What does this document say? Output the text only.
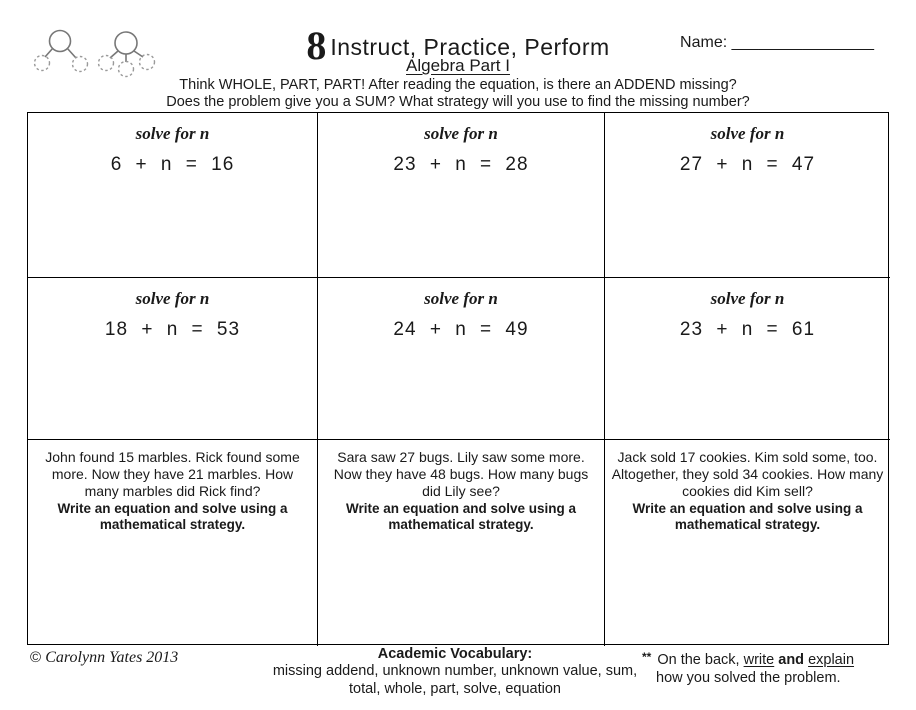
8 Instruct, Practice, Perform	Name: ________________
Algebra Part I
Think WHOLE, PART, PART! After reading the equation, is there an ADDEND missing?
Does the problem give you a SUM? What strategy will you use to find the missing number?
solve for n
6 + n = 16
solve for n
23 + n = 28
solve for n
27 + n = 47
solve for n
18 + n = 53
solve for n
24 + n = 49
solve for n
23 + n = 61
John found 15 marbles. Rick found some more. Now they have 21 marbles. How many marbles did Rick find?
Write an equation and solve using a mathematical strategy.
Sara saw 27 bugs. Lily saw some more. Now they have 48 bugs. How many bugs did Lily see?
Write an equation and solve using a mathematical strategy.
Jack sold 17 cookies. Kim sold some, too. Altogether, they sold 34 cookies. How many cookies did Kim sell?
Write an equation and solve using a mathematical strategy.
© Carolynn Yates 2013	Academic Vocabulary:
missing addend, unknown number, unknown value, sum,
total, whole, part, solve, equation
** On the back, write and explain
how you solved the problem.
